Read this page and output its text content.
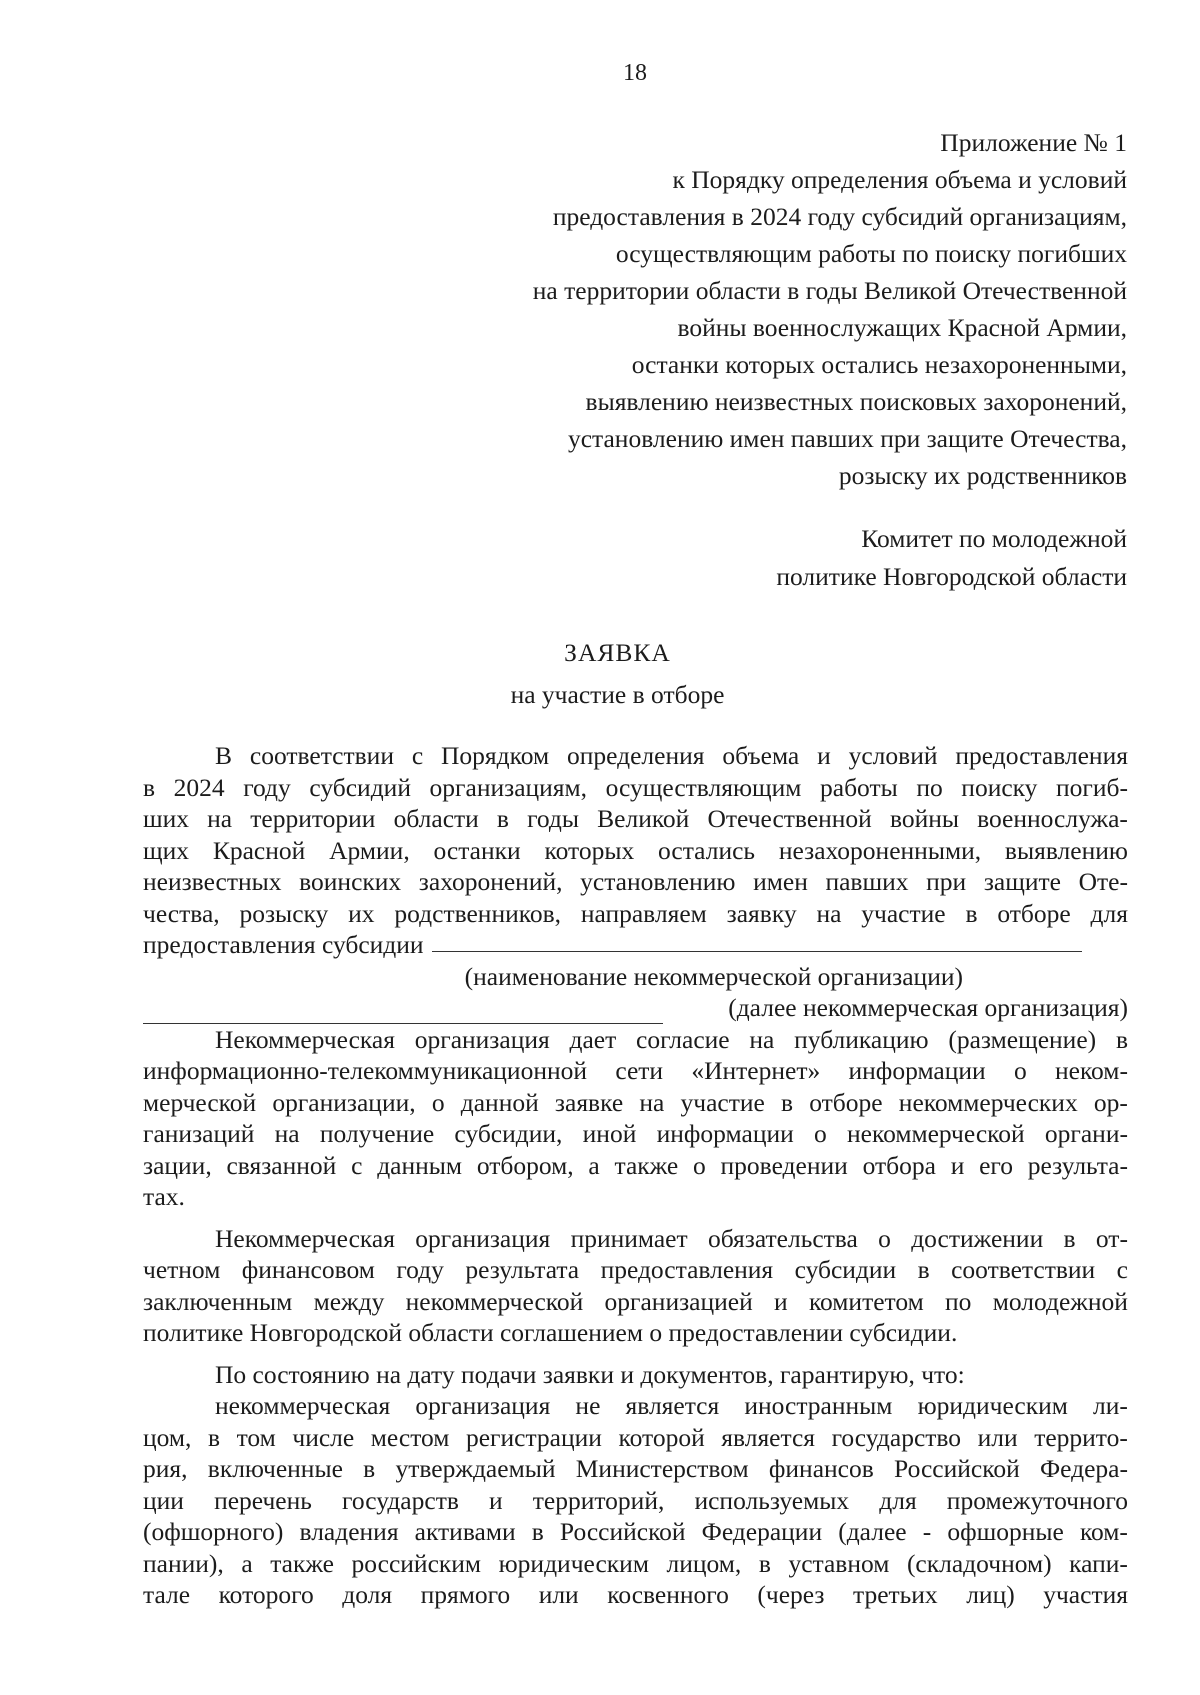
18
Приложение № 1
к Порядку определения объема и условий
предоставления в 2024 году субсидий организациям,
осуществляющим работы по поиску погибших
на территории области в годы Великой Отечественной
войны военнослужащих Красной Армии,
останки которых остались незахороненными,
выявлению неизвестных поисковых захоронений,
установлению имен павших при защите Отечества,
розыску их родственников
Комитет по молодежной
политике Новгородской области
ЗАЯВКА
на участие в отборе
В соответствии с Порядком определения объема и условий предоставления
в 2024 году субсидий организациям, осуществляющим работы по поиску погиб-
ших на территории области в годы Великой Отечественной войны военнослужа-
щих Красной Армии, останки которых остались незахороненными, выявлению
неизвестных воинских захоронений, установлению имен павших при защите Оте-
чества, розыску их родственников, направляем заявку на участие в отборе для
предоставления субсидии
(наименование некоммерческой организации)
(далее некоммерческая организация)
Некоммерческая организация дает согласие на публикацию (размещение) в
информационно-телекоммуникационной сети «Интернет» информации о неком-
мерческой организации, о данной заявке на участие в отборе некоммерческих ор-
ганизаций на получение субсидии, иной информации о некоммерческой органи-
зации, связанной с данным отбором, а также о проведении отбора и его результа-
тах.
Некоммерческая организация принимает обязательства о достижении в от-
четном финансовом году результата предоставления субсидии в соответствии с
заключенным между некоммерческой организацией и комитетом по молодежной
политике Новгородской области соглашением о предоставлении субсидии.
По состоянию на дату подачи заявки и документов, гарантирую, что:
некоммерческая организация не является иностранным юридическим ли-
цом, в том числе местом регистрации которой является государство или террито-
рия, включенные в утверждаемый Министерством финансов Российской Федера-
ции перечень государств и территорий, используемых для промежуточного
(офшорного) владения активами в Российской Федерации (далее - офшорные ком-
пании), а также российским юридическим лицом, в уставном (складочном) капи-
тале которого доля прямого или косвенного (через третьих лиц) участия
